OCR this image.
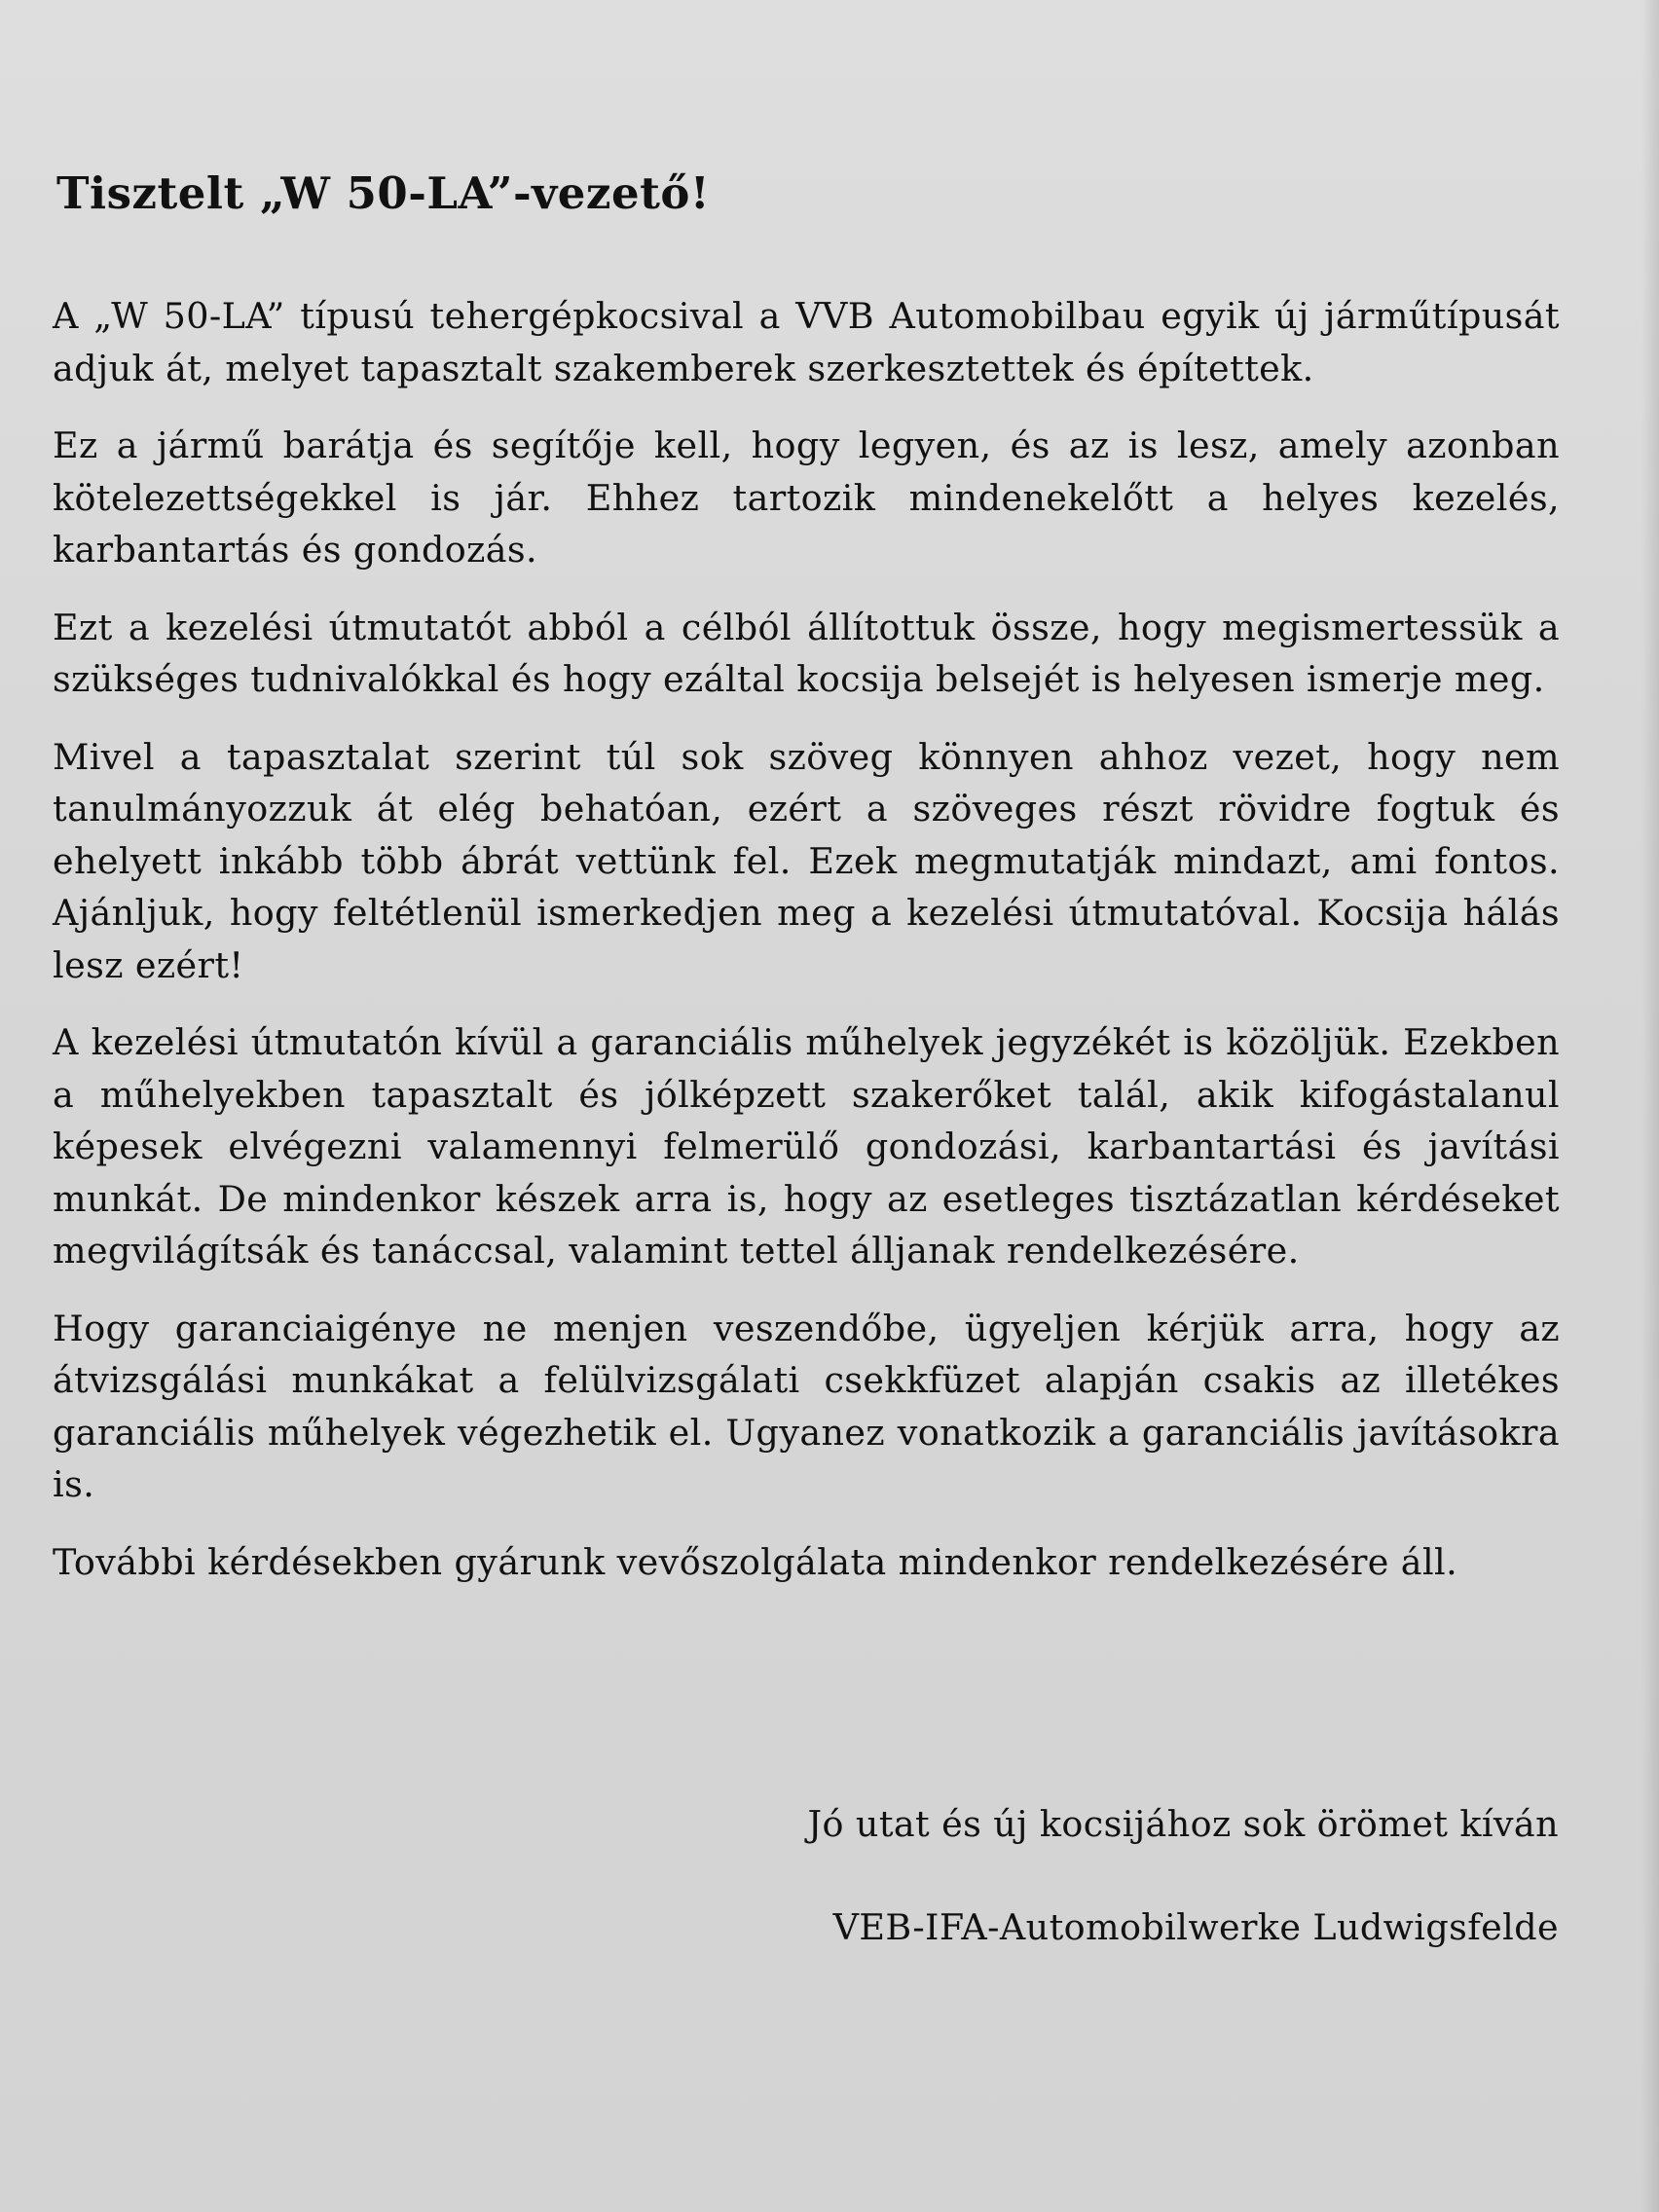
Tisztelt „W 50-LA”-vezető!

A „W 50-LA” típusú tehergépkocsival a VVB Automobilbau egyik új járműtípusát adjuk át, melyet tapasztalt szakemberek szerkesztettek és építettek.

Ez a jármű barátja és segítője kell, hogy legyen, és az is lesz, amely azonban kötelezettségekkel is jár. Ehhez tartozik mindenekelőtt a helyes kezelés, karbantartás és gondozás.

Ezt a kezelési útmutatót abból a célból állítottuk össze, hogy megismertessük a szükséges tudnivalókkal és hogy ezáltal kocsija belsejét is helyesen ismerje meg.

Mivel a tapasztalat szerint túl sok szöveg könnyen ahhoz vezet, hogy nem tanulmányozzuk át elég behatóan, ezért a szöveges részt rövidre fogtuk és ehelyett inkább több ábrát vettünk fel. Ezek megmutatják mindazt, ami fontos. Ajánljuk, hogy feltétlenül ismerkedjen meg a kezelési útmutatóval. Kocsija hálás lesz ezért!

A kezelési útmutatón kívül a garanciális műhelyek jegyzékét is közöljük. Ezekben a műhelyekben tapasztalt és jólképzett szakerőket talál, akik kifogástalanul képesek elvégezni valamennyi felmerülő gondozási, karbantartási és javítási munkát. De mindenkor készek arra is, hogy az esetleges tisztázatlan kérdéseket megvilágítsák és tanáccsal, valamint tettel álljanak rendelkezésére.

Hogy garanciaigénye ne menjen veszendőbe, ügyeljen kérjük arra, hogy az átvizsgálási munkákat a felülvizsgálati csekkfüzet alapján csakis az illetékes garanciális műhelyek végezhetik el. Ugyanez vonatkozik a garanciális javításokra is.

További kérdésekben gyárunk vevőszolgálata mindenkor rendelkezésére áll.

Jó utat és új kocsijához sok örömet kíván

VEB-IFA-Automobilwerke Ludwigsfelde
